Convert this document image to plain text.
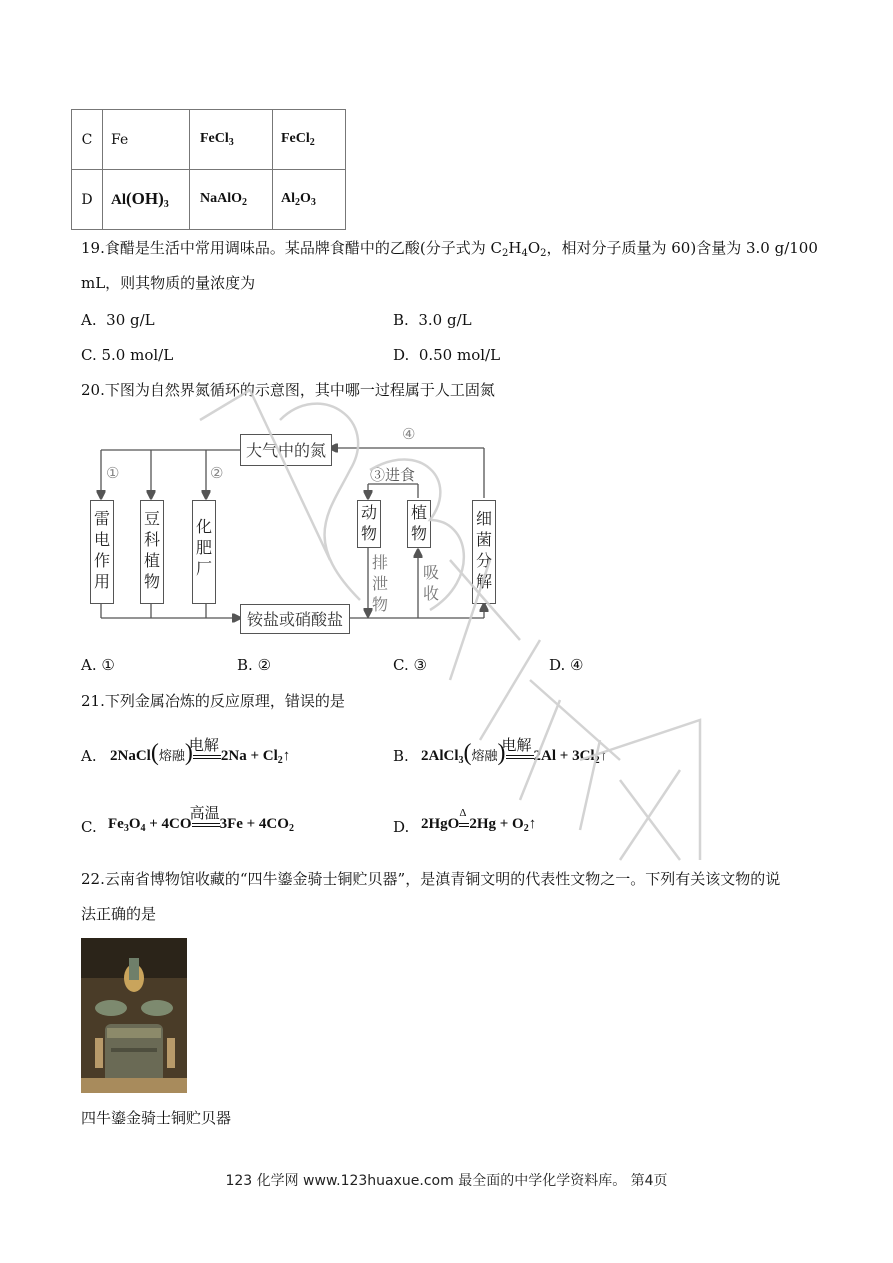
C	Fe	FeCl$_3$	FeCl$_2$
D	$Al(OH)_3$	NaAlO$_2$	$Al_2O_3$
19.食醋是生活中常用调味品。某品牌食醋中的乙酸(分子式为 $C_2H_4O_2$，相对分子质量为 60)含量为 3.0 g/100
mL，则其物质的量浓度为
A. 30 g/L	B. 3.0 g/L
C. 5.0 mol/L	D. 0.50 mol/L
20.下图为自然界氮循环的示意图，其中哪一过程属于人工固氮
大气中的氮
雷电作用
豆科植物
化肥厂
动物
植物
细菌分解
铵盐或硝酸盐
排泄物
吸收
③进食
①	②
④
A. ①	B. ②	C. ③	D. ④
21.下列金属冶炼的反应原理，错误的是
A. 2NaCl(熔融)
电解
$2Na + Cl_2↑$	B. 2AlCl$_3$(熔融)
电解
$2Al + 3Cl_2↑$
C. $Fe_3O_4 + 4CO$
高温
$3Fe + 4CO_2$	D. 2HgO
Δ
$2Hg + O_2↑$
22.云南省博物馆收藏的“四牛鎏金骑士铜贮贝器”，是滇青铜文明的代表性文物之一。下列有关该文物的说
法正确的是
四牛鎏金骑士铜贮贝器
123 化学网 www.123huaxue.com 最全面的中学化学资料库。 第4页
